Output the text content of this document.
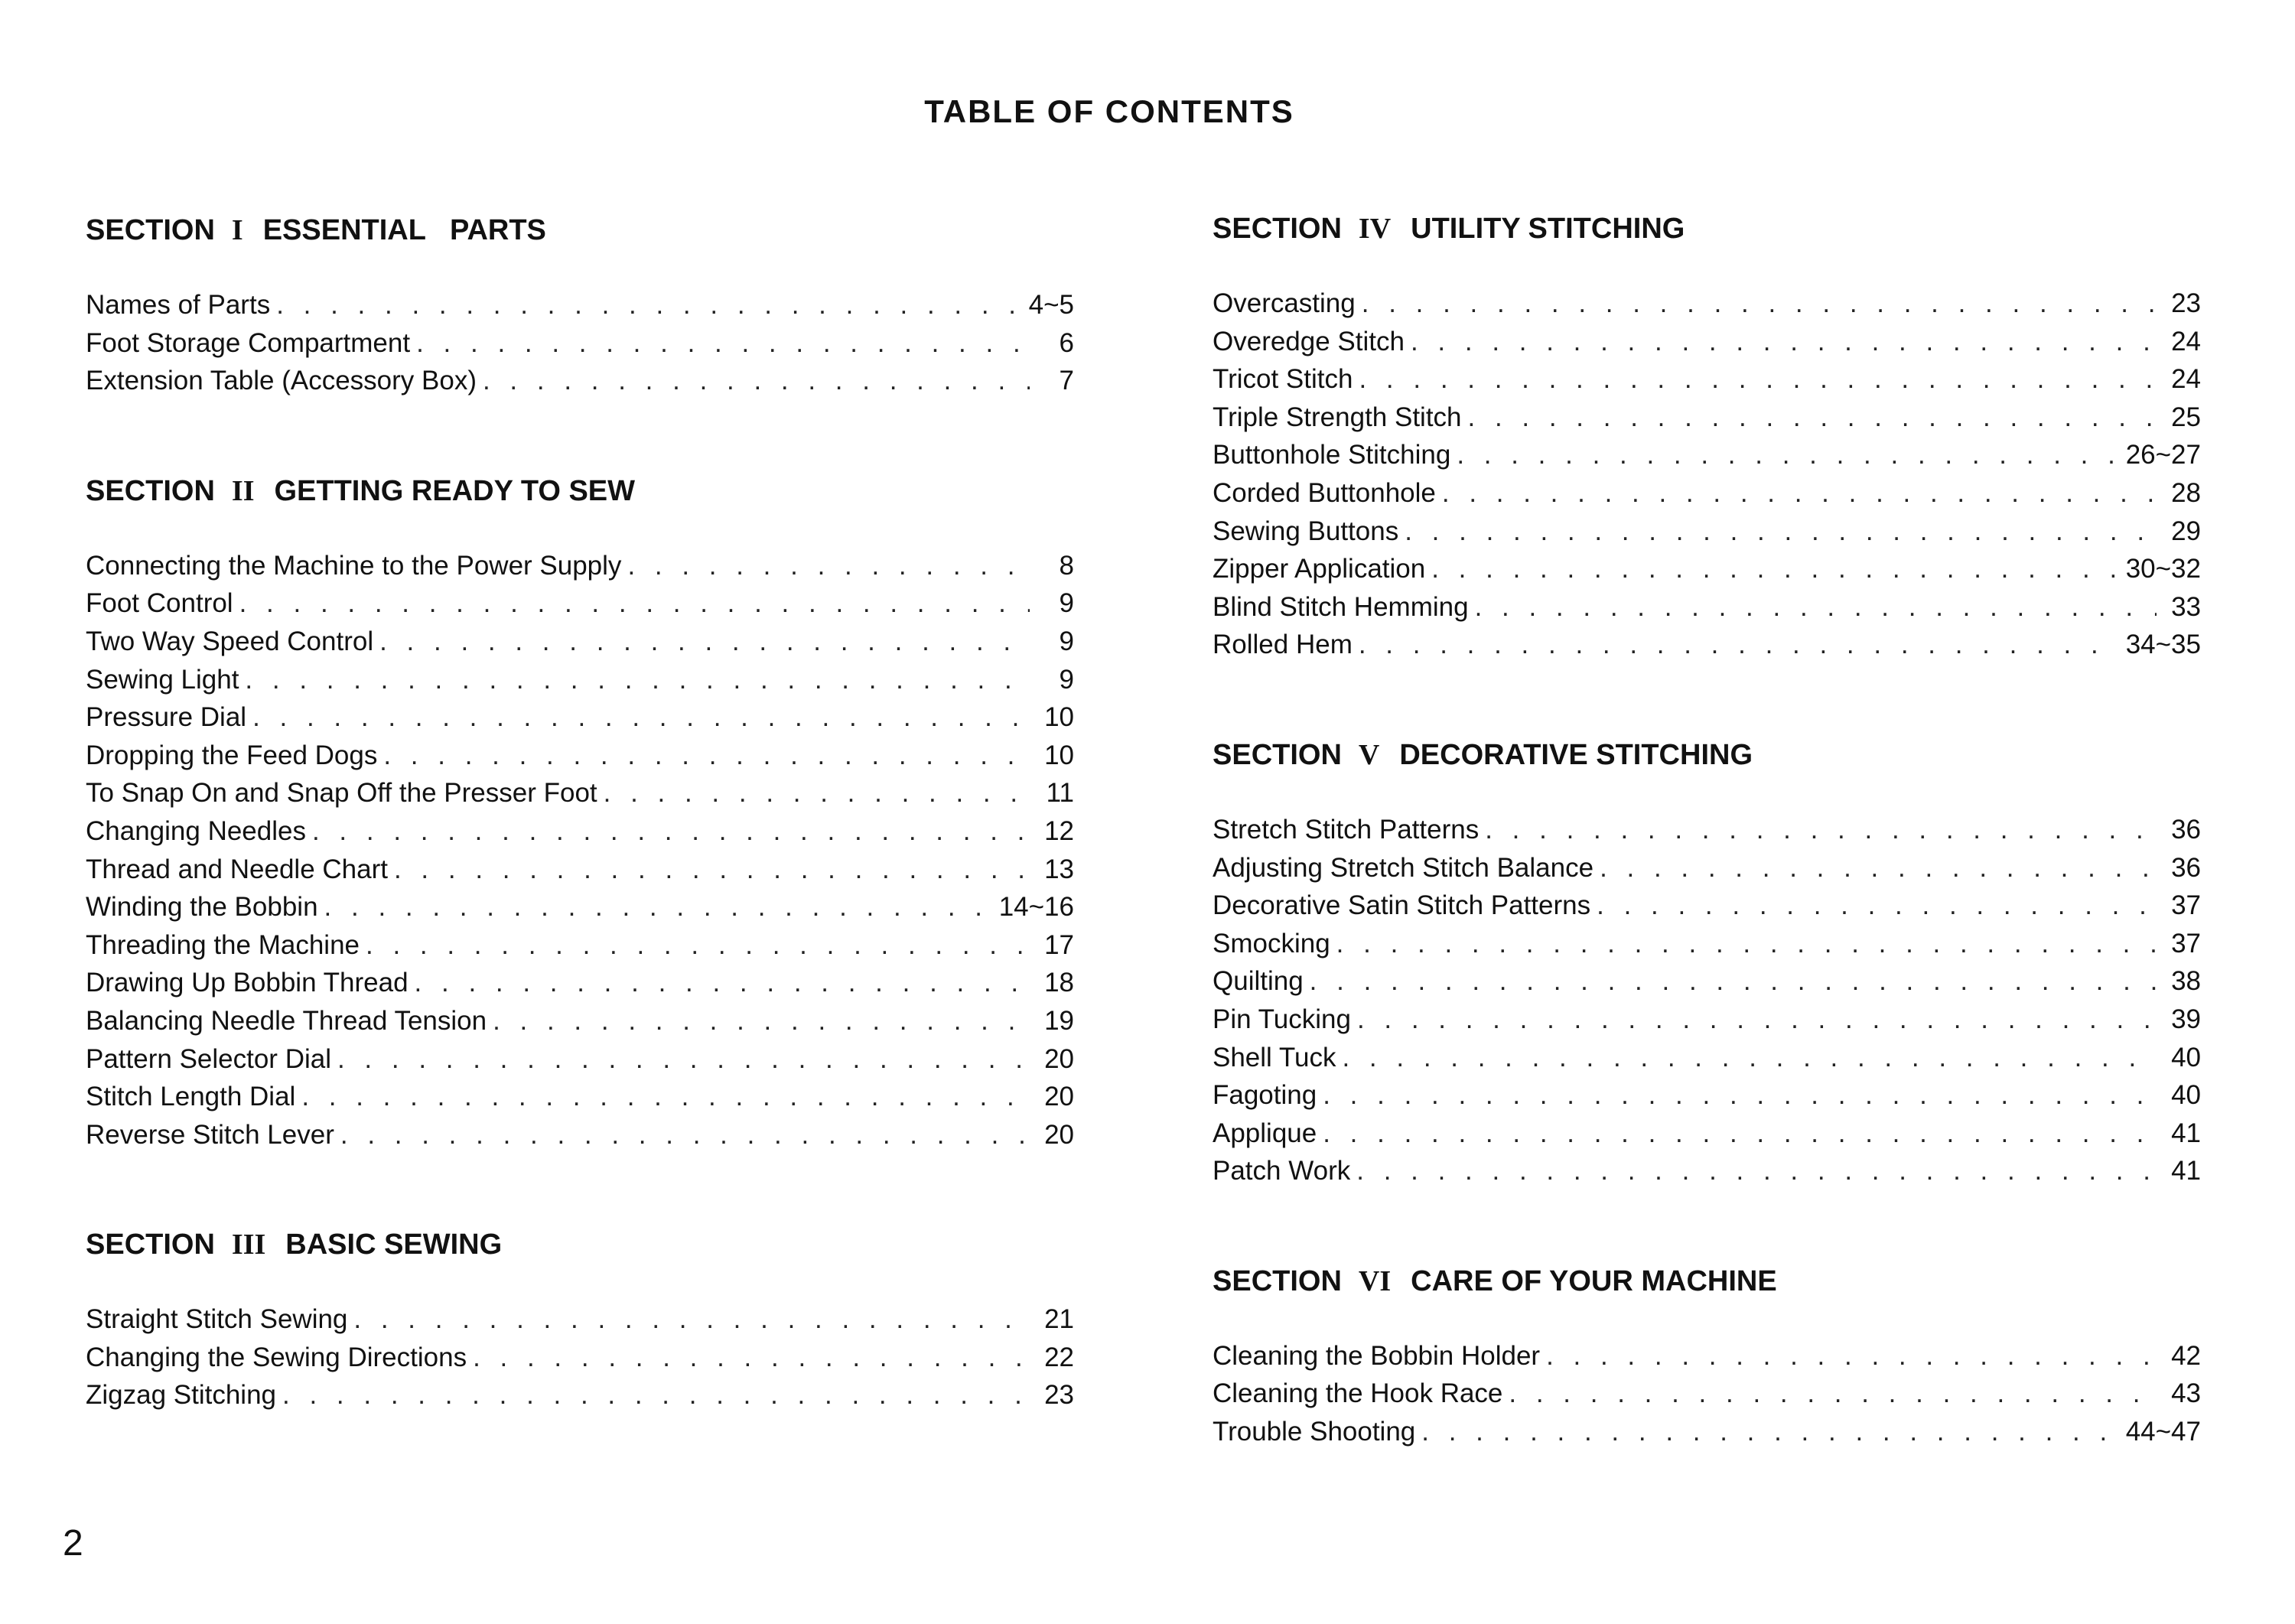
TABLE OF CONTENTS
SECTION I ESSENTIAL   PARTS
Names of Parts . . .	4~5
Foot Storage Compartment . . .	6
Extension Table (Accessory Box) . . .	7
SECTION II GETTING READY TO SEW
Connecting the Machine to the Power Supply . . .	8
Foot Control . . .	9
Two Way Speed Control . . .	9
Sewing Light . . .	9
Pressure Dial . . .	10
Dropping the Feed Dogs . . .	10
To Snap On and Snap Off the Presser Foot . . .	11
Changing Needles . . .	12
Thread and Needle Chart . . .	13
Winding the Bobbin . . .	14~16
Threading the Machine . . .	17
Drawing Up Bobbin Thread . . .	18
Balancing Needle Thread Tension . . .	19
Pattern Selector Dial . . .	20
Stitch Length Dial . . .	20
Reverse Stitch Lever . . .	20
SECTION III BASIC SEWING
Straight Stitch Sewing . . .	21
Changing the Sewing Directions . . .	22
Zigzag Stitching . . .	23
SECTION IV UTILITY STITCHING
Overcasting . . .	23
Overedge Stitch . . .	24
Tricot Stitch . . .	24
Triple Strength Stitch . . .	25
Buttonhole Stitching . . .	26~27
Corded Buttonhole . . .	28
Sewing Buttons . . .	29
Zipper Application . . .	30~32
Blind Stitch Hemming . . .	33
Rolled Hem . . .	34~35
SECTION V DECORATIVE STITCHING
Stretch Stitch Patterns . . .	36
Adjusting Stretch Stitch Balance . . .	36
Decorative Satin Stitch Patterns . . .	37
Smocking . . .	37
Quilting . . .	38
Pin Tucking . . .	39
Shell Tuck . . .	40
Fagoting . . .	40
Applique . . .	41
Patch Work . . .	41
SECTION VI CARE OF YOUR MACHINE
Cleaning the Bobbin Holder . . .	42
Cleaning the Hook Race . . .	43
Trouble Shooting . . .	44~47
2
